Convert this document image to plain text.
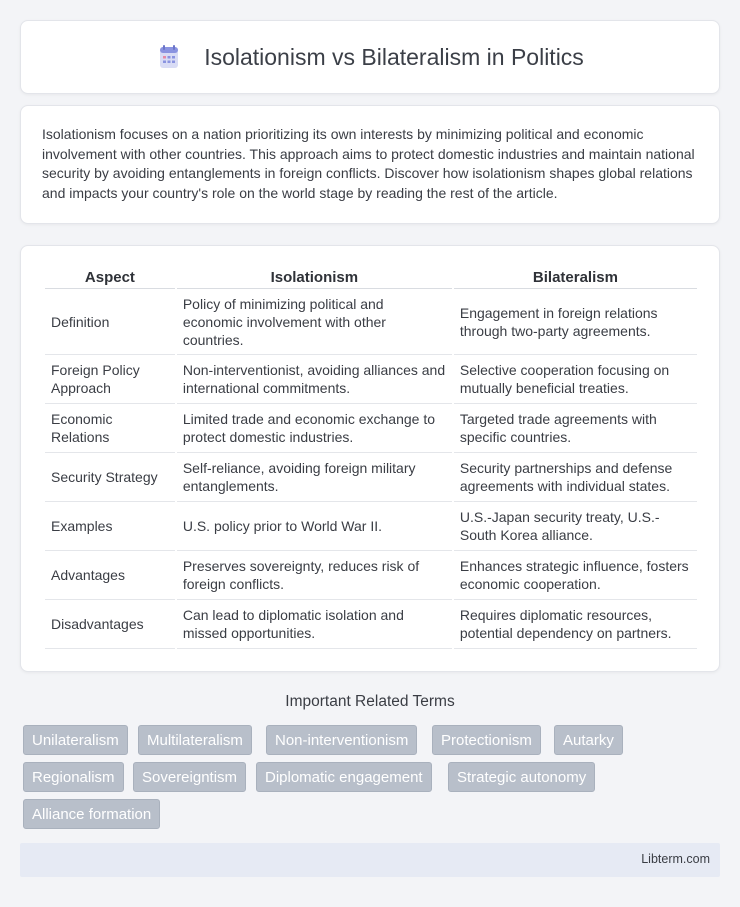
Isolationism vs Bilateralism in Politics

Isolationism focuses on a nation prioritizing its own interests by minimizing political and economic involvement with other countries. This approach aims to protect domestic industries and maintain national security by avoiding entanglements in foreign conflicts. Discover how isolationism shapes global relations and impacts your country's role on the world stage by reading the rest of the article.

Aspect	Isolationism	Bilateralism
Definition	Policy of minimizing political and economic involvement with other countries.	Engagement in foreign relations through two-party agreements.
Foreign Policy Approach	Non-interventionist, avoiding alliances and international commitments.	Selective cooperation focusing on mutually beneficial treaties.
Economic Relations	Limited trade and economic exchange to protect domestic industries.	Targeted trade agreements with specific countries.
Security Strategy	Self-reliance, avoiding foreign military entanglements.	Security partnerships and defense agreements with individual states.
Examples	U.S. policy prior to World War II.	U.S.-Japan security treaty, U.S.-South Korea alliance.
Advantages	Preserves sovereignty, reduces risk of foreign conflicts.	Enhances strategic influence, fosters economic cooperation.
Disadvantages	Can lead to diplomatic isolation and missed opportunities.	Requires diplomatic resources, potential dependency on partners.
Important Related Terms
Unilateralism	Multilateralism	Non-interventionism	Protectionism	Autarky
Regionalism	Sovereigntism	Diplomatic engagement	Strategic autonomy
Alliance formation
Libterm.com
